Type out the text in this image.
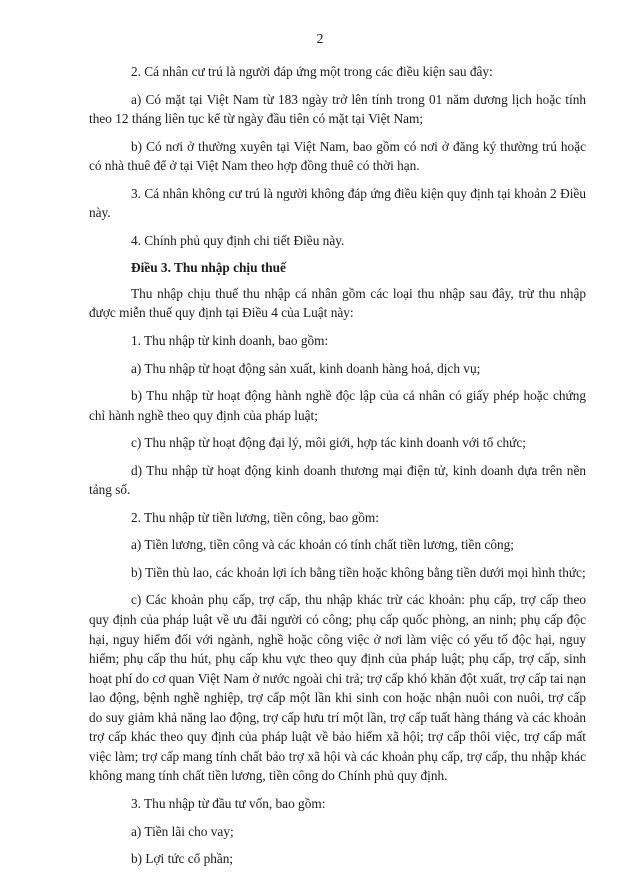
2

2. Cá nhân cư trú là người đáp ứng một trong các điều kiện sau đây:

a) Có mặt tại Việt Nam từ 183 ngày trở lên tính trong 01 năm dương lịch hoặc tính theo 12 tháng liên tục kể từ ngày đầu tiên có mặt tại Việt Nam;

b) Có nơi ở thường xuyên tại Việt Nam, bao gồm có nơi ở đăng ký thường trú hoặc có nhà thuê để ở tại Việt Nam theo hợp đồng thuê có thời hạn.

3. Cá nhân không cư trú là người không đáp ứng điều kiện quy định tại khoản 2 Điều này.

4. Chính phủ quy định chi tiết Điều này.

Điều 3. Thu nhập chịu thuế

Thu nhập chịu thuế thu nhập cá nhân gồm các loại thu nhập sau đây, trừ thu nhập được miễn thuế quy định tại Điều 4 của Luật này:

1. Thu nhập từ kinh doanh, bao gồm:

a) Thu nhập từ hoạt động sản xuất, kinh doanh hàng hoá, dịch vụ;

b) Thu nhập từ hoạt động hành nghề độc lập của cá nhân có giấy phép hoặc chứng chỉ hành nghề theo quy định của pháp luật;

c) Thu nhập từ hoạt động đại lý, môi giới, hợp tác kinh doanh với tổ chức;

d) Thu nhập từ hoạt động kinh doanh thương mại điện tử, kinh doanh dựa trên nền tảng số.

2. Thu nhập từ tiền lương, tiền công, bao gồm:

a) Tiền lương, tiền công và các khoản có tính chất tiền lương, tiền công;

b) Tiền thù lao, các khoản lợi ích bằng tiền hoặc không bằng tiền dưới mọi hình thức;

c) Các khoản phụ cấp, trợ cấp, thu nhập khác trừ các khoản: phụ cấp, trợ cấp theo quy định của pháp luật về ưu đãi người có công; phụ cấp quốc phòng, an ninh; phụ cấp độc hại, nguy hiểm đối với ngành, nghề hoặc công việc ở nơi làm việc có yếu tố độc hại, nguy hiểm; phụ cấp thu hút, phụ cấp khu vực theo quy định của pháp luật; phụ cấp, trợ cấp, sinh hoạt phí do cơ quan Việt Nam ở nước ngoài chi trả; trợ cấp khó khăn đột xuất, trợ cấp tai nạn lao động, bệnh nghề nghiệp, trợ cấp một lần khi sinh con hoặc nhận nuôi con nuôi, trợ cấp do suy giảm khả năng lao động, trợ cấp hưu trí một lần, trợ cấp tuất hàng tháng và các khoản trợ cấp khác theo quy định của pháp luật về bảo hiểm xã hội; trợ cấp thôi việc, trợ cấp mất việc làm; trợ cấp mang tính chất bảo trợ xã hội và các khoản phụ cấp, trợ cấp, thu nhập khác không mang tính chất tiền lương, tiền công do Chính phủ quy định.

3. Thu nhập từ đầu tư vốn, bao gồm:

a) Tiền lãi cho vay;

b) Lợi tức cổ phần;
